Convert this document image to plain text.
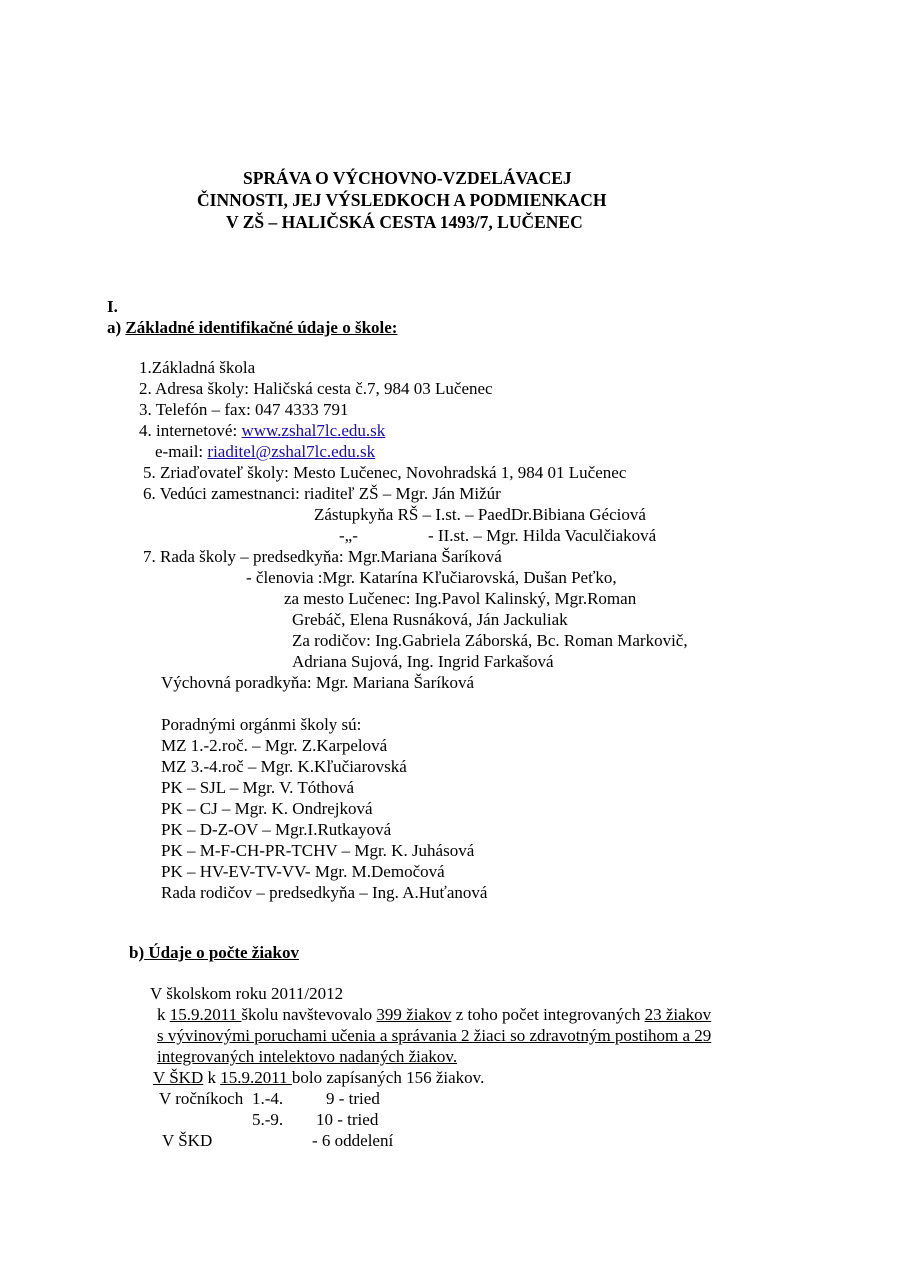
SPRÁVA O VÝCHOVNO-VZDELÁVACEJ
ČINNOSTI, JEJ VÝSLEDKOCH A PODMIENKACH
V ZŠ – HALIČSKÁ CESTA 1493/7, LUČENEC
I.
a) Základné identifikačné údaje o škole:
1.Základná škola
2. Adresa školy: Haličská cesta č.7, 984 03 Lučenec
3. Telefón – fax: 047 4333 791
4. internetové: www.zshal7lc.edu.sk
e-mail: riaditel@zshal7lc.edu.sk
5. Zriaďovateľ školy: Mesto Lučenec, Novohradská 1, 984 01 Lučenec
6. Vedúci zamestnanci: riaditeľ ZŠ – Mgr. Ján Mižúr
Zástupkyňa RŠ – I.st. – PaedDr.Bibiana Géciová
-„-	- II.st. – Mgr. Hilda Vaculčiaková
7. Rada školy – predsedkyňa: Mgr.Mariana Šaríková
- členovia :Mgr. Katarína Kľučiarovská, Dušan Peťko,
za mesto Lučenec: Ing.Pavol Kalinský, Mgr.Roman
Grebáč, Elena Rusnáková, Ján Jackuliak
Za rodičov: Ing.Gabriela Záborská, Bc. Roman Markovič,
Adriana Sujová, Ing. Ingrid Farkašová
Výchovná poradkyňa: Mgr. Mariana Šaríková
Poradnými orgánmi školy sú:
MZ 1.-2.roč. – Mgr. Z.Karpelová
MZ 3.-4.roč – Mgr. K.Kľučiarovská
PK – SJL – Mgr. V. Tóthová
PK – CJ – Mgr. K. Ondrejková
PK – D-Z-OV – Mgr.I.Rutkayová
PK – M-F-CH-PR-TCHV – Mgr. K. Juhásová
PK – HV-EV-TV-VV- Mgr. M.Demočová
Rada rodičov – predsedkyňa – Ing. A.Huťanová
b) Údaje o počte žiakov
V školskom roku 2011/2012
k 15.9.2011 školu navštevovalo 399 žiakov z toho počet integrovaných 23 žiakov
s vývinovými poruchami učenia a správania 2 žiaci so zdravotným postihom a 29
integrovaných intelektovo nadaných žiakov.
V ŠKD k 15.9.2011 bolo zapísaných 156 žiakov.
V ročníkoch 1.-4.	9 - tried
5.-9. 10 - tried
V ŠKD	- 6 oddelení
